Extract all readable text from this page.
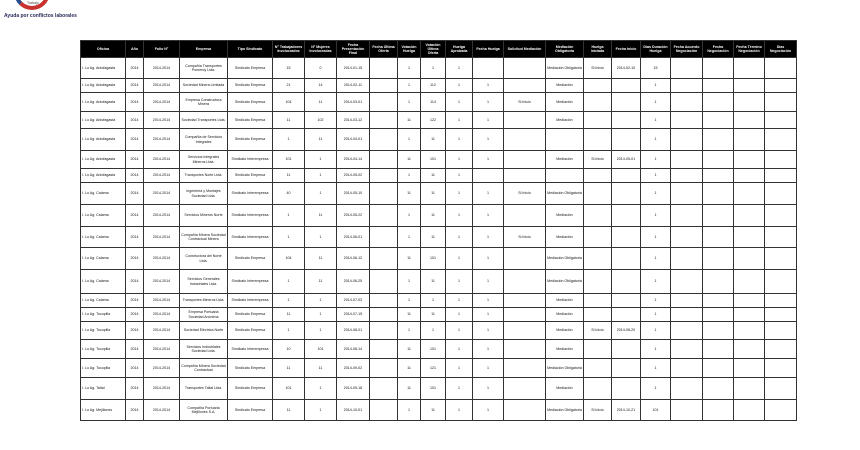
Trabajo
Ayuda por conflictos laborales
Oficina	Año	Folio N°	Empresa	Tipo Sindicato	N° Trabajadores Involucrados	N° Mujeres Involucradas	Fecha Presentación Final	Fecha Última Oferta	Votación Huelga	Votación Última Oferta	Huelga Aprobada	Fecha Huelga	Solicitud Mediación	Mediación Obligatoria	Huelga Iniciada	Fecha Inicio	Días Duración Huelga	Fecha Acuerdo Negociación	Fecha Negociación	Fecha Término Negociación	Días Negociación
I. Lo Ag. Antofagasta	2014	2014-2014	Compañía Transportes Pomeroy Ltda.	Sindicato Empresa	15	0	2014-01-15		1	1	1			Mediación Obligatoria	Si Inicio	2014-02-10	15				
I. Lo Ag. Antofagasta	2014	2014-2014	Sociedad Minera Limitada	Sindicato Empresa	21	14	2014-02-11		1	112	1	1		Mediación			1				
I. Lo Ag. Antofagasta	2014	2014-2014	Empresa Constructora Minera	Sindicato Empresa	104	11	2014-03-01		1	114	1	1	Si Inicio	Mediación			1				
I. Lo Ag. Antofagasta	2014	2014-2014	Sociedad Transportes Ltda.	Sindicato Empresa	11	102	2014-03-12		11	122	1	1		Mediación			1				
I. Lo Ag. Antofagasta	2014	2014-2014	Compañía de Servicios Integrales	Sindicato Empresa	1	11	2014-04-01		1	11	1	1					1				
I. Lo Ag. Antofagasta	2014	2014-2014	Servicios Integrales Mineros Ltda.	Sindicato Interempresa	101	1	2014-04-14		11	101	1	1		Mediación	Si Inicio	2014-05-01	1				
I. Lo Ag. Antofagasta	2014	2014-2014	Transportes Norte Ltda.	Sindicato Empresa	11	1	2014-05-02		1	11	1						1				
I. Lo Ag. Calama	2014	2014-2014	Ingeniería y Montajes Sociedad Ltda.	Sindicato Interempresa	40	1	2014-05-10		11	11	1	1	Si Inicio	Mediación Obligatoria			1				
I. Lo Ag. Calama	2014	2014-2014	Servicios Mineros Norte	Sindicato Interempresa	1	11	2014-05-22		1	11	1	1		Mediación			1				
I. Lo Ag. Calama	2014	2014-2014	Compañía Minera Sociedad Contractual Minera	Sindicato Interempresa	1	1	2014-06-01		1	11	1	1	Si Inicio	Mediación			1				
I. Lo Ag. Calama	2014	2014-2014	Constructora del Norte Ltda.	Sindicato Empresa	104	11	2014-06-12		11	101	1	1		Mediación Obligatoria			1				
I. Lo Ag. Calama	2014	2014-2014	Servicios Generales Industriales Ltda.	Sindicato Interempresa	1	11	2014-06-25		1	11	1	1		Mediación Obligatoria			1				
I. Lo Ag. Calama	2014	2014-2014	Transportes Mineros Ltda.	Sindicato Interempresa	1	1	2014-07-03		1	1	1	1		Mediación			1				
I. Lo Ag. Tocopilla	2014	2014-2014	Empresa Portuaria Sociedad Anónima	Sindicato Empresa	11	1	2014-07-15		11	11	1	1		Mediación			1				
I. Lo Ag. Tocopilla	2014	2014-2014	Sociedad Eléctrica Norte	Sindicato Empresa	1	1	2014-08-01		1	1	1	1		Mediación	Si Inicio	2014-08-20	1				
I. Lo Ag. Tocopilla	2014	2014-2014	Servicios Industriales Sociedad Ltda.	Sindicato Interempresa	10	101	2014-08-14		11	101	1	1		Mediación			1				
I. Lo Ag. Tocopilla	2014	2014-2014	Compañía Minera Sociedad Contractual	Sindicato Empresa	11	11	2014-09-02		11	121	1	1		Mediación Obligatoria			1				
I. Lo Ag. Taltal	2014	2014-2014	Transportes Taltal Ltda.	Sindicato Empresa	101	1	2014-09-18		11	101	1	1		Mediación			1				
I. Lo Ag. Mejillones	2014	2014-2014	Compañía Portuaria Mejillones S.A.	Sindicato Empresa	11	1	2014-10-01		1	11	1	1		Mediación Obligatoria	Si Inicio	2014-10-21	101				
